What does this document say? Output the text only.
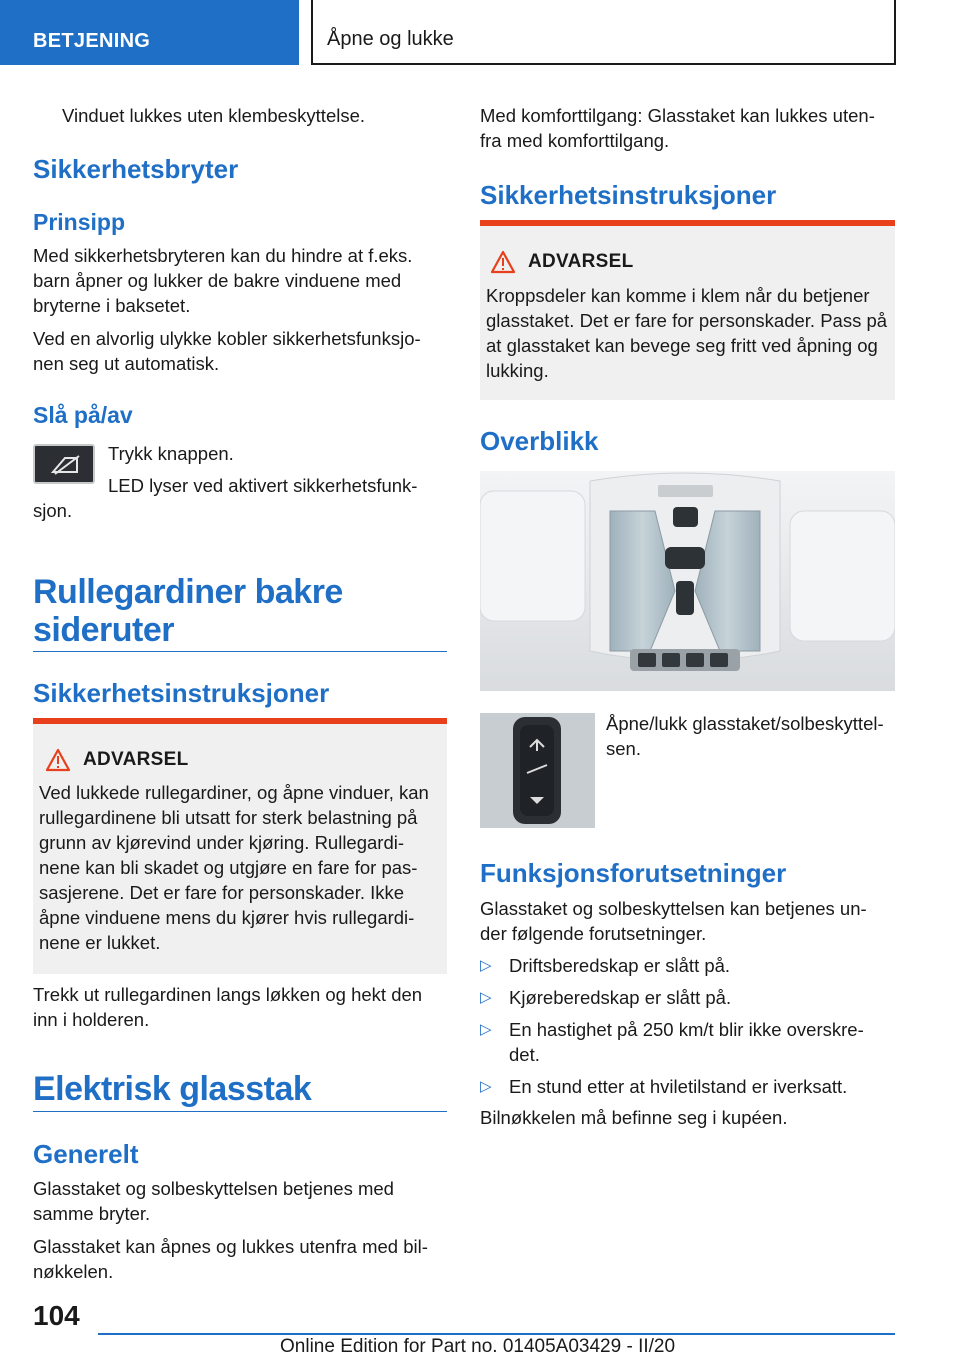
BETJENING	Åpne og lukke

Vinduet lukkes uten klembeskyttelse.

Sikkerhetsbryter
Prinsipp

Med sikkerhetsbryteren kan du hindre at f.eks. barn åpner og lukker de bakre vinduene med bryterne i baksetet.

Ved en alvorlig ulykke kobler sikkerhetsfunksjo- nen seg ut automatisk.

Slå på/av

Trykk knappen.

LED lyser ved aktivert sikkerhetsfunk-

sjon.

Rullegardiner bakre sideruter
Sikkerhetsinstruksjoner
ADVARSEL

Ved lukkede rullegardiner, og åpne vinduer, kan rullegardinene bli utsatt for sterk belastning på grunn av kjørevind under kjøring. Rullegardi- nene kan bli skadet og utgjøre en fare for pas- sasjerene. Det er fare for personskader. Ikke åpne vinduene mens du kjører hvis rullegardi- nene er lukket.

Trekk ut rullegardinen langs løkken og hekt den inn i holderen.

Elektrisk glasstak
Generelt

Glasstaket og solbeskyttelsen betjenes med samme bryter.

Glasstaket kan åpnes og lukkes utenfra med bil- nøkkelen.

Med komforttilgang: Glasstaket kan lukkes uten- fra med komforttilgang.

Sikkerhetsinstruksjoner
ADVARSEL

Kroppsdeler kan komme i klem når du betjener glasstaket. Det er fare for personskader. Pass på at glasstaket kan bevege seg fritt ved åpning og lukking.

Overblikk

Åpne/lukk glasstaket/solbeskyttel- sen.

Funksjonsforutsetninger

Glasstaket og solbeskyttelsen kan betjenes un- der følgende forutsetninger.

▷ Driftsberedskap er slått på.
▷ Kjøreberedskap er slått på.
▷ En hastighet på 250 km/t blir ikke overskre- det.
▷ En stund etter at hviletilstand er iverksatt.

Bilnøkkelen må befinne seg i kupéen.

104
Online Edition for Part no. 01405A03429 - II/20
